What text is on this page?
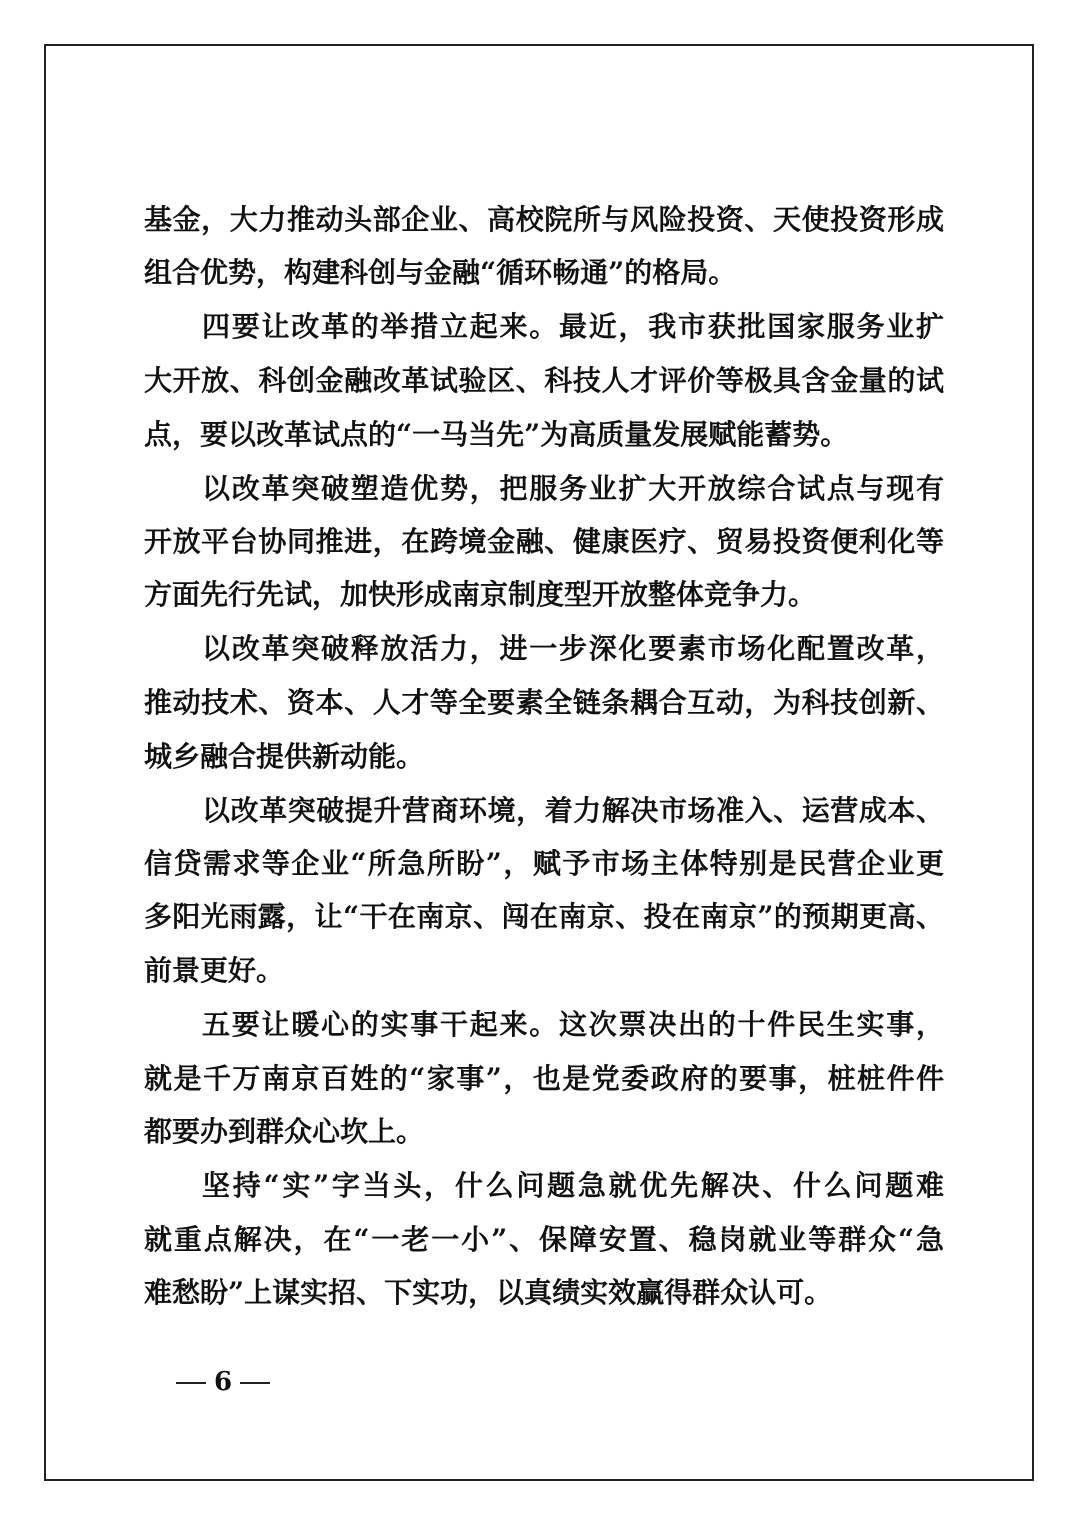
基金，大力推动头部企业、高校院所与风险投资、天使投资形成
组合优势，构建科创与金融“循环畅通”的格局。
四要让改革的举措立起来。最近，我市获批国家服务业扩
大开放、科创金融改革试验区、科技人才评价等极具含金量的试
点，要以改革试点的“一马当先”为高质量发展赋能蓄势。
以改革突破塑造优势，把服务业扩大开放综合试点与现有
开放平台协同推进，在跨境金融、健康医疗、贸易投资便利化等
方面先行先试，加快形成南京制度型开放整体竞争力。
以改革突破释放活力，进一步深化要素市场化配置改革，
推动技术、资本、人才等全要素全链条耦合互动，为科技创新、
城乡融合提供新动能。
以改革突破提升营商环境，着力解决市场准入、运营成本、
信贷需求等企业“所急所盼”，赋予市场主体特别是民营企业更
多阳光雨露，让“干在南京、闯在南京、投在南京”的预期更高、
前景更好。
五要让暖心的实事干起来。这次票决出的十件民生实事，
就是千万南京百姓的“家事”，也是党委政府的要事，桩桩件件
都要办到群众心坎上。
坚持“实”字当头，什么问题急就优先解决、什么问题难
就重点解决，在“一老一小”、保障安置、稳岗就业等群众“急
难愁盼”上谋实招、下实功，以真绩实效赢得群众认可。
6
